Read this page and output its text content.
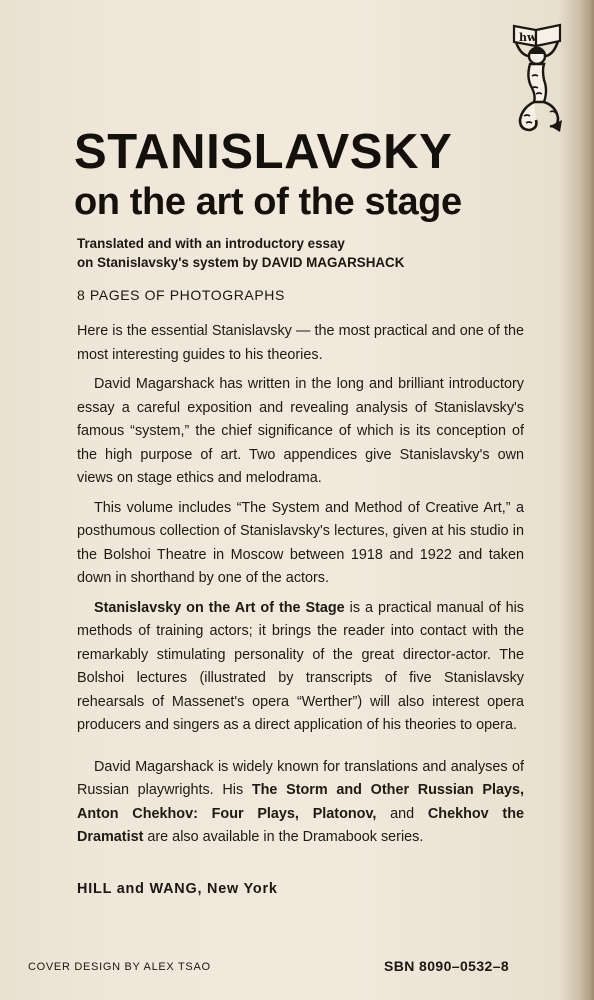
hw
STANISLAVSKY
on the art of the stage
Translated and with an introductory essay
on Stanislavsky's system by DAVID MAGARSHACK
8 PAGES OF PHOTOGRAPHS

Here is the essential Stanislavsky — the most practical and one of the most interesting guides to his theories.

David Magarshack has written in the long and brilliant introductory essay a careful exposition and revealing analysis of Stanislavsky's famous “system,” the chief significance of which is its conception of the high purpose of art. Two appendices give Stanislavsky's own views on stage ethics and melodrama.

This volume includes “The System and Method of Creative Art,” a posthumous collection of Stanislavsky's lectures, given at his studio in the Bolshoi Theatre in Moscow between 1918 and 1922 and taken down in shorthand by one of the actors.

Stanislavsky on the Art of the Stage is a practical manual of his methods of training actors; it brings the reader into contact with the remarkably stimulating personality of the great director-actor. The Bolshoi lectures (illustrated by transcripts of five Stanislavsky rehearsals of Massenet's opera “Werther”) will also interest opera producers and singers as a direct application of his theories to opera.

David Magarshack is widely known for translations and analyses of Russian playwrights. His The Storm and Other Russian Plays, Anton Chekhov: Four Plays, Platonov, and Chekhov the Dramatist are also available in the Dramabook series.

HILL and WANG, New York
COVER DESIGN BY ALEX TSAO	SBN 8090–0532–8
